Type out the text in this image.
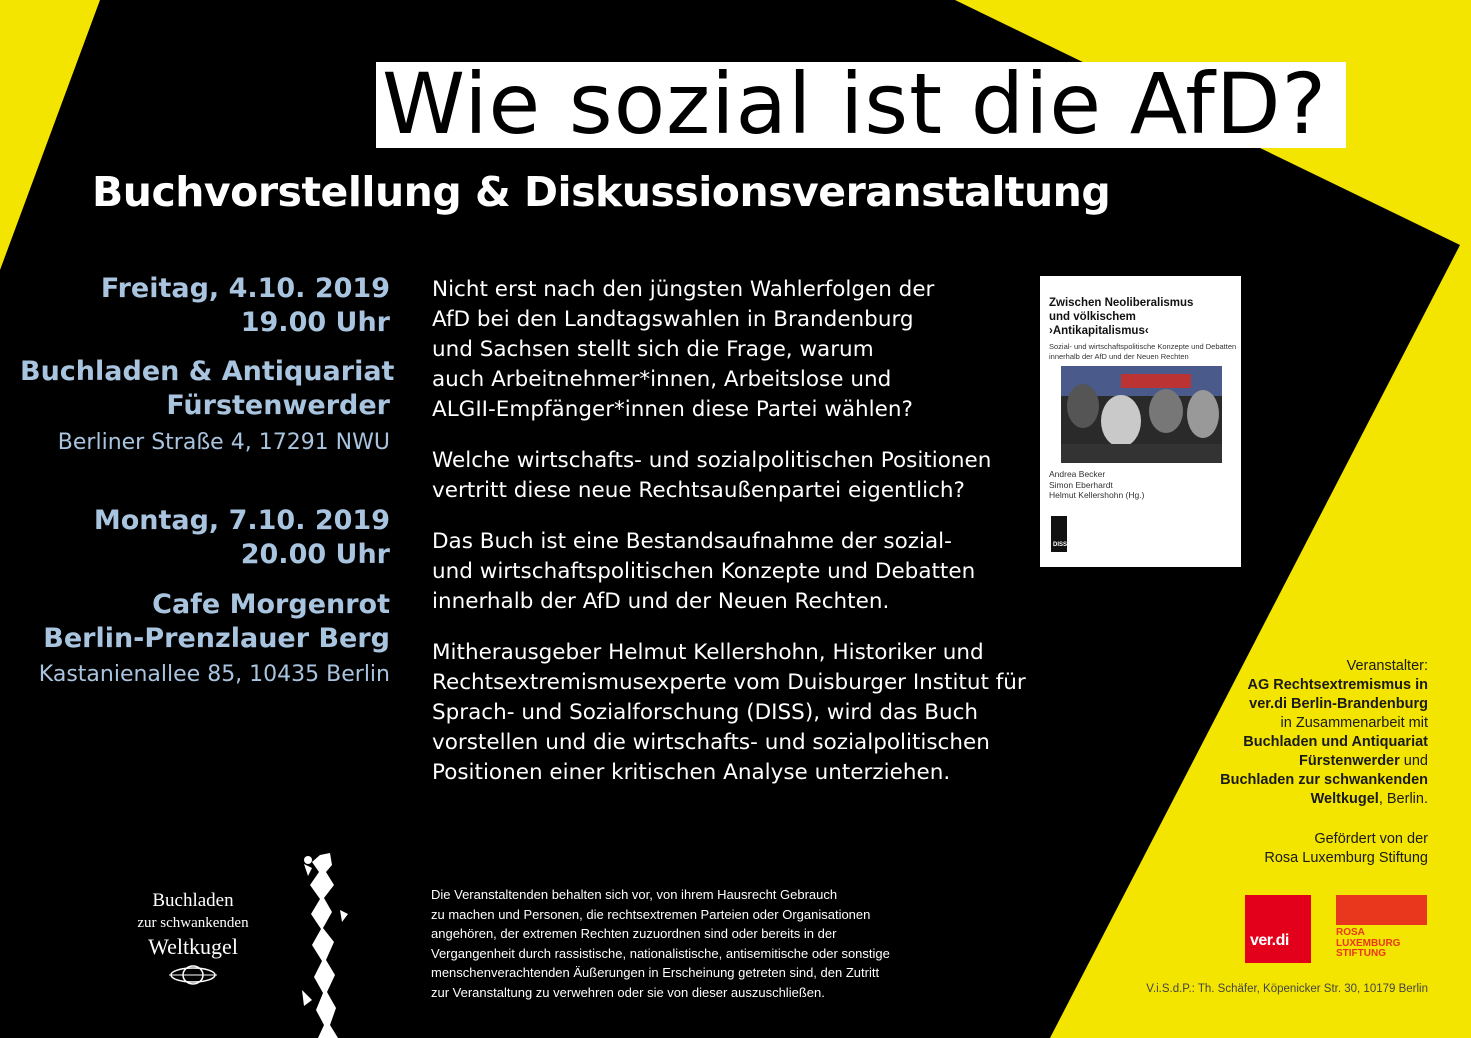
Wie sozial ist die AfD?
Buchvorstellung & Diskussionsveranstaltung
Freitag, 4.10. 2019
19.00 Uhr
Buchladen & Antiquariat
Fürstenwerder
Berliner Straße 4, 17291 NWU
Montag, 7.10. 2019
20.00 Uhr
Cafe Morgenrot
Berlin-Prenzlauer Berg
Kastanienallee 85, 10435 Berlin

Nicht erst nach den jüngsten Wahlerfolgen der
AfD bei den Landtagswahlen in Brandenburg
und Sachsen stellt sich die Frage, warum
auch Arbeitnehmer*innen, Arbeitslose und
ALGII-Empfänger*innen diese Partei wählen?

Welche wirtschafts- und sozialpolitischen Positionen
vertritt diese neue Rechtsaußenpartei eigentlich?

Das Buch ist eine Bestandsaufnahme der sozial-
und wirtschaftspolitischen Konzepte und Debatten
innerhalb der AfD und der Neuen Rechten.

Mitherausgeber Helmut Kellershohn, Historiker und
Rechtsextremismusexperte vom Duisburger Institut für
Sprach- und Sozialforschung (DISS), wird das Buch
vorstellen und die wirtschafts- und sozialpolitischen
Positionen einer kritischen Analyse unterziehen.

Zwischen Neoliberalismus
und völkischem
›Antikapitalismus‹
Sozial- und wirtschaftspolitische Konzepte und Debatten
innerhalb der AfD und der Neuen Rechten
Andrea Becker
Simon Eberhardt
Helmut Kellershohn (Hg.)
DISS
Veranstalter:
AG Rechtsextremismus in ver.di Berlin-Brandenburg
in Zusammenarbeit mit
Buchladen und Antiquariat Fürstenwerder und
Buchladen zur schwankenden Weltkugel, Berlin.
Gefördert von der
Rosa Luxemburg Stiftung
ver.di	ROSA
LUXEMBURG
STIFTUNG
V.i.S.d.P.: Th. Schäfer, Köpenicker Str. 30, 10179 Berlin
Die Veranstaltenden behalten sich vor, von ihrem Hausrecht Gebrauch
zu machen und Personen, die rechtsextremen Parteien oder Organisationen
angehören, der extremen Rechten zuzuordnen sind oder bereits in der
Vergangenheit durch rassistische, nationalistische, antisemitische oder sonstige
menschenverachtenden Äußerungen in Erscheinung getreten sind, den Zutritt
zur Veranstaltung zu verwehren oder sie von dieser auszuschließen.
Buchladen
zur schwankenden
Weltkugel
